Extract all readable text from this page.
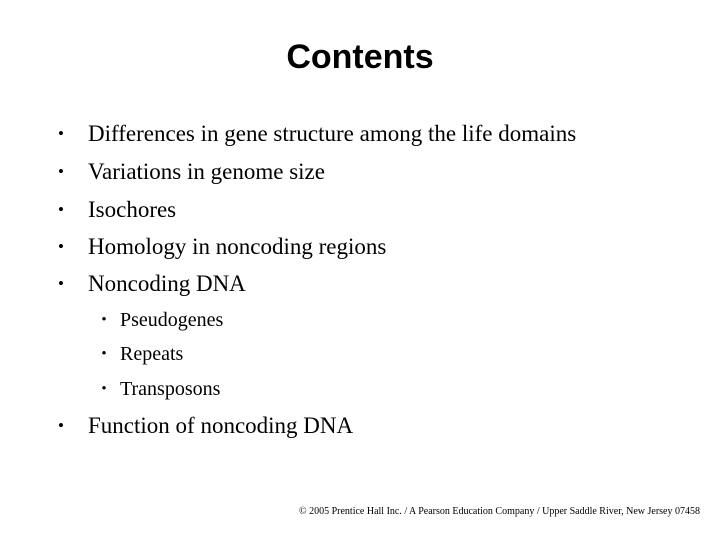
Contents
• Differences in gene structure among the life domains
• Variations in genome size
• Isochores
• Homology in noncoding regions
• Noncoding DNA
• Pseudogenes
• Repeats
• Transposons
• Function of noncoding DNA
© 2005 Prentice Hall Inc. / A Pearson Education Company / Upper Saddle River, New Jersey 07458
